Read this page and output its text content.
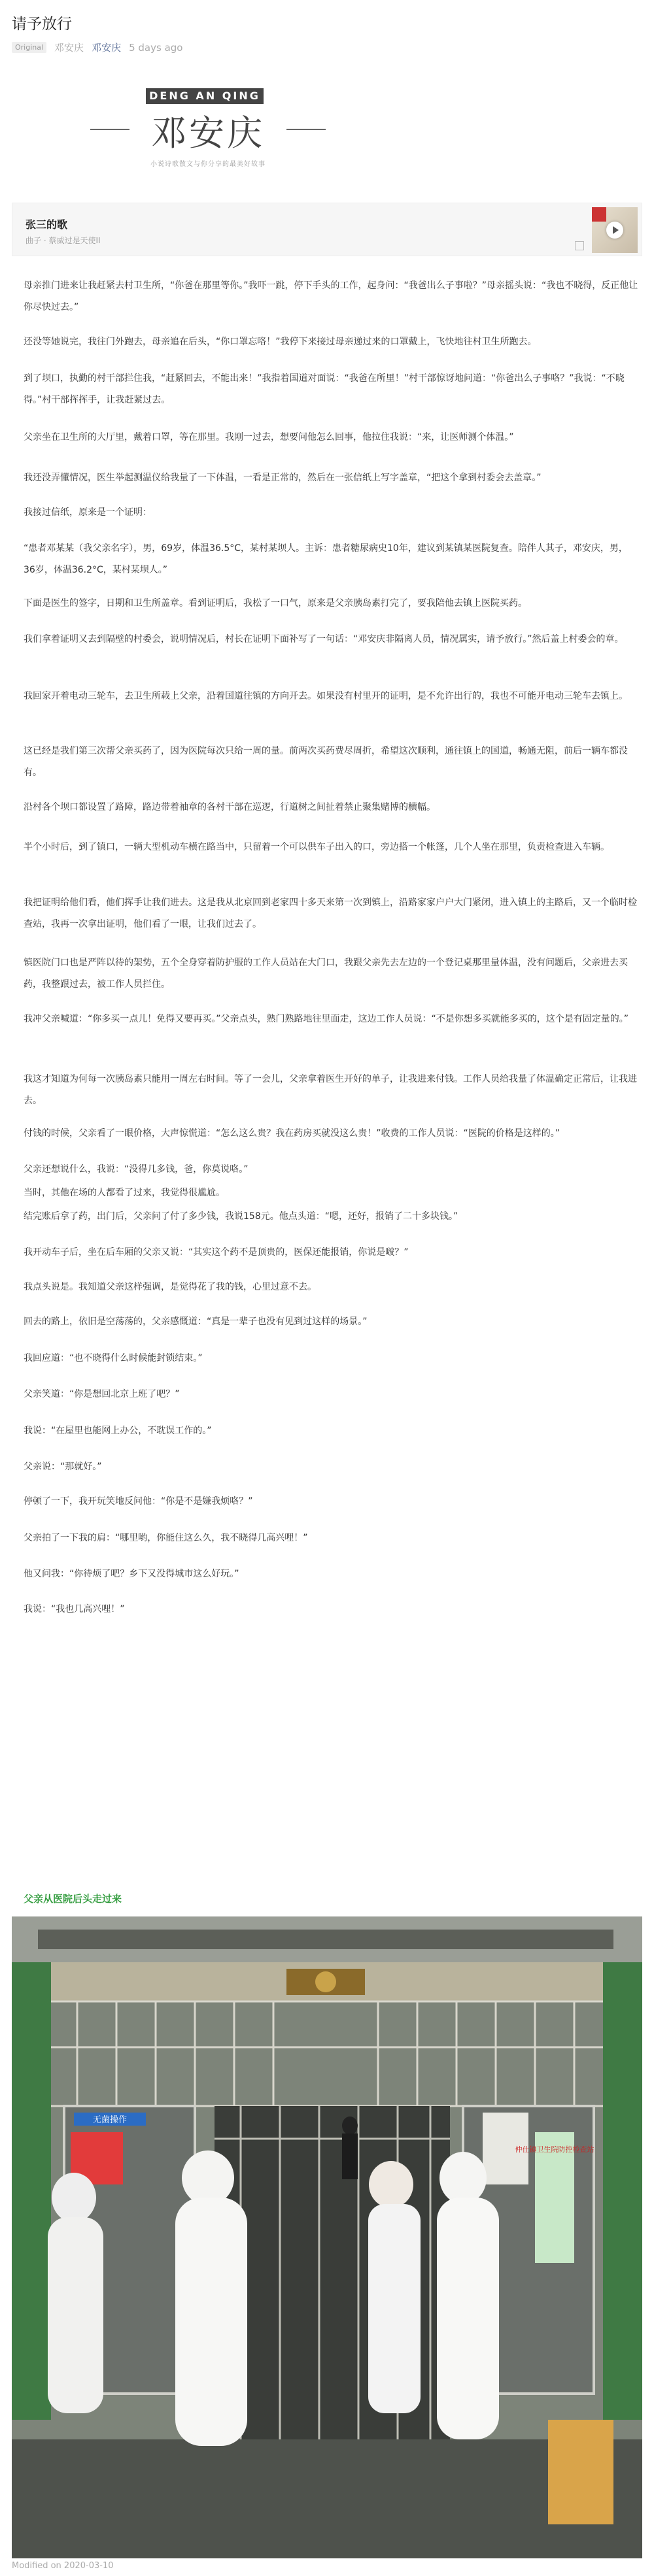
请予放行
Original	邓安庆 邓安庆 5 days ago
DENG AN QING
邓安庆
小说诗歌散文与你分享的最美好故事
张三的歌
曲子 · 蔡威过是天使II

母亲推门进来让我赶紧去村卫生所，“你爸在那里等你。”我吓一跳，停下手头的工作，起身问：“我爸出么子事啦？”母亲摇头说：“我也不晓得，反正他让你尽快过去。”

还没等她说完，我往门外跑去，母亲追在后头，“你口罩忘咯！”我停下来接过母亲递过来的口罩戴上，飞快地往村卫生所跑去。

到了坝口，执勤的村干部拦住我，“赶紧回去，不能出来！”我指着国道对面说：“我爸在所里！”村干部惊讶地问道：“你爸出么子事咯？”我说：“不晓得。”村干部挥挥手，让我赶紧过去。

父亲坐在卫生所的大厅里，戴着口罩，等在那里。我刚一过去，想要问他怎么回事，他拉住我说：“来，让医师测个体温。”

我还没弄懂情况，医生举起测温仪给我量了一下体温，一看是正常的，然后在一张信纸上写字盖章，“把这个拿到村委会去盖章。”

我接过信纸，原来是一个证明：

“患者邓某某（我父亲名字），男，69岁，体温36.5°C，某村某坝人。主诉：患者糖尿病史10年，建议到某镇某医院复查。陪伴人其子，邓安庆，男，36岁，体温36.2°C，某村某坝人。”

下面是医生的签字，日期和卫生所盖章。看到证明后，我松了一口气，原来是父亲胰岛素打完了，要我陪他去镇上医院买药。

我们拿着证明又去到隔壁的村委会，说明情况后，村长在证明下面补写了一句话：“邓安庆非隔离人员，情况属实，请予放行。”然后盖上村委会的章。

我回家开着电动三轮车，去卫生所载上父亲，沿着国道往镇的方向开去。如果没有村里开的证明，是不允许出行的，我也不可能开电动三轮车去镇上。

这已经是我们第三次帮父亲买药了，因为医院每次只给一周的量。前两次买药费尽周折，希望这次顺利，通往镇上的国道，畅通无阻，前后一辆车都没有。

沿村各个坝口都设置了路障，路边带着袖章的各村干部在巡逻，行道树之间扯着禁止聚集赌博的横幅。

半个小时后，到了镇口，一辆大型机动车横在路当中，只留着一个可以供车子出入的口，旁边搭一个帐篷，几个人坐在那里，负责检查进入车辆。

我把证明给他们看，他们挥手让我们进去。这是我从北京回到老家四十多天来第一次到镇上，沿路家家户户大门紧闭，进入镇上的主路后，又一个临时检查站，我再一次拿出证明，他们看了一眼，让我们过去了。

镇医院门口也是严阵以待的架势，五个全身穿着防护服的工作人员站在大门口，我跟父亲先去左边的一个登记桌那里量体温，没有问题后，父亲进去买药，我整跟过去，被工作人员拦住。

我冲父亲喊道：“你多买一点儿！免得又要再买。”父亲点头，熟门熟路地往里面走，这边工作人员说：“不是你想多买就能多买的，这个是有固定量的。”

我这才知道为何每一次胰岛素只能用一周左右时间。等了一会儿，父亲拿着医生开好的单子，让我进来付钱。工作人员给我量了体温确定正常后，让我进去。

付钱的时候，父亲看了一眼价格，大声惊慌道：“怎么这么贵？我在药房买就没这么贵！”收费的工作人员说：“医院的价格是这样的。”

父亲还想说什么，我说：“没得几多钱，爸，你莫说咯。”

当时，其他在场的人都看了过来，我觉得很尴尬。

结完账后拿了药，出门后，父亲问了付了多少钱，我说158元。他点头道：“嗯，还好，报销了二十多块钱。”

我开动车子后，坐在后车厢的父亲又说：“其实这个药不是顶贵的，医保还能报销，你说是啵？”

我点头说是。我知道父亲这样强调，是觉得花了我的钱，心里过意不去。

回去的路上，依旧是空荡荡的，父亲感慨道：“真是一辈子也没有见到过这样的场景。”

我回应道：“也不晓得什么时候能封锁结束。”

父亲笑道：“你是想回北京上班了吧？”

我说：“在屋里也能网上办公，不耽误工作的。”

父亲说：“那就好。”

停顿了一下，我开玩笑地反问他：“你是不是嫌我烦咯？”

父亲拍了一下我的肩：“哪里哟，你能住这么久，我不晓得几高兴哩！”

他又问我：“你待烦了吧？乡下又没得城市这么好玩。”

我说：“我也几高兴哩！”

父亲从医院后头走过来
无菌操作
仲仕镇卫生院防控检查站
Modified on 2020-03-10
